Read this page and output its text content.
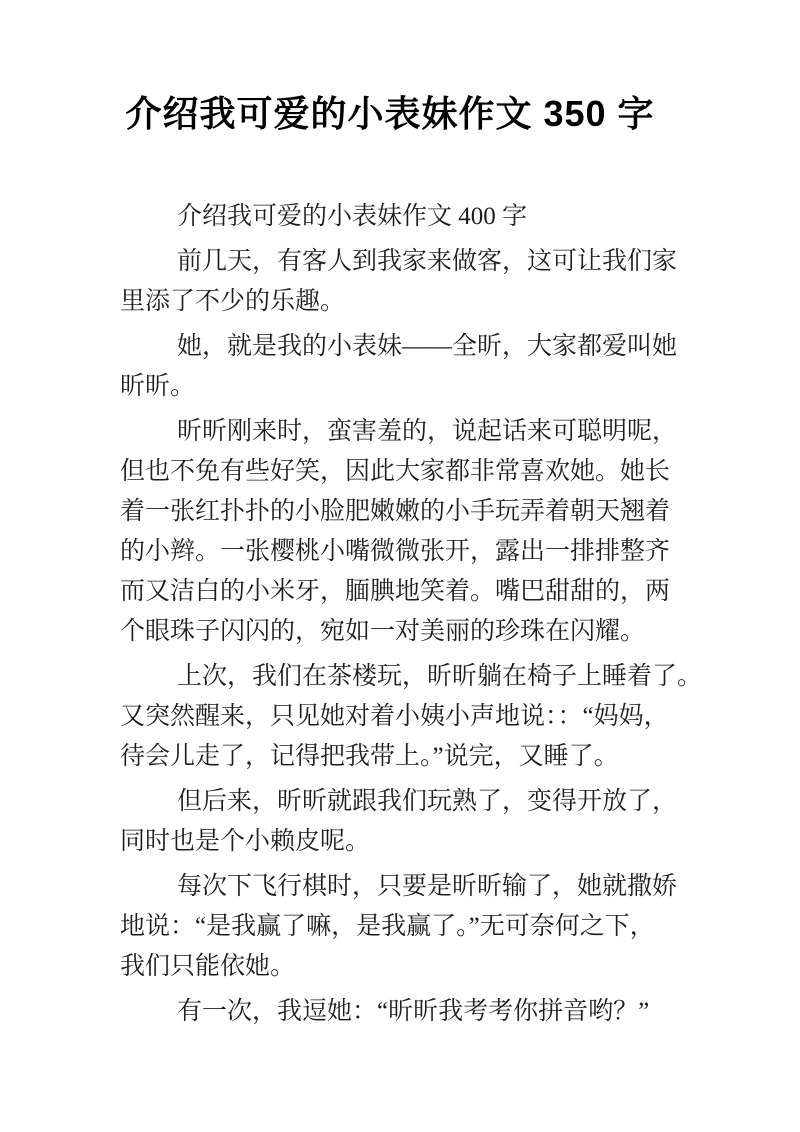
介绍我可爱的小表妹作文 350 字

介绍我可爱的小表妹作文 400 字

前几天，有客人到我家来做客，这可让我们家
里添了不少的乐趣。

她，就是我的小表妹——全昕，大家都爱叫她
昕昕。

昕昕刚来时，蛮害羞的，说起话来可聪明呢，
但也不免有些好笑，因此大家都非常喜欢她。她长
着一张红扑扑的小脸肥嫩嫩的小手玩弄着朝天翘着
的小辫。一张樱桃小嘴微微张开，露出一排排整齐
而又洁白的小米牙，腼腆地笑着。嘴巴甜甜的，两
个眼珠子闪闪的，宛如一对美丽的珍珠在闪耀。

上次，我们在茶楼玩，昕昕躺在椅子上睡着了。
又突然醒来，只见她对着小姨小声地说：：“妈妈，
待会儿走了，记得把我带上。”说完，又睡了。

但后来，昕昕就跟我们玩熟了，变得开放了，
同时也是个小赖皮呢。

每次下飞行棋时，只要是昕昕输了，她就撒娇
地说：“是我赢了嘛，是我赢了。”无可奈何之下，
我们只能依她。

有一次，我逗她：“昕昕我考考你拼音哟？”
